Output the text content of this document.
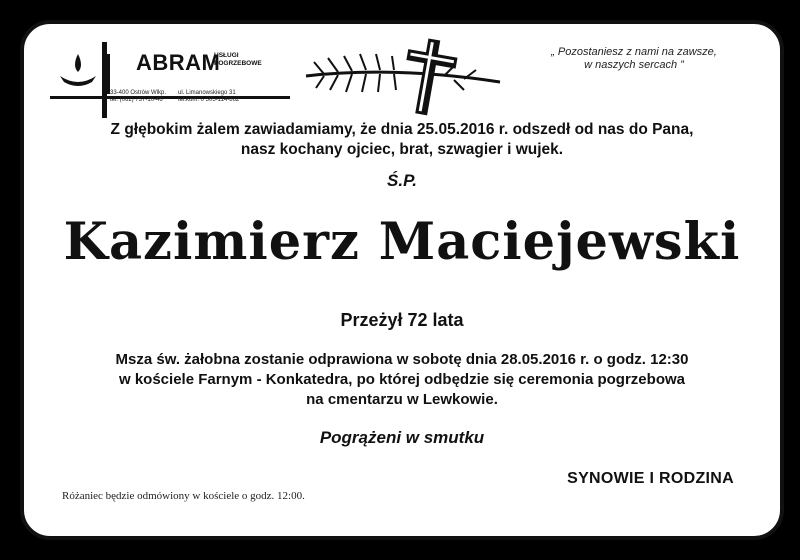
ABRAM
USŁUGI
POGRZEBOWE
33-400 Ostrów Wlkp.
tel. (062) 737-10-46
ul. Limanowskiego 31
tel.kom. 0 505-114-862
„ Pozostaniesz z nami na zawsze,
w naszych sercach ”
Z głębokim żalem zawiadamiamy, że dnia 25.05.2016 r. odszedł od nas do Pana,
nasz kochany ojciec, brat, szwagier i wujek.
Ś.P.
Kazimierz Maciejewski
Przeżył 72 lata
Msza św. żałobna zostanie odprawiona w sobotę dnia 28.05.2016 r. o godz. 12:30
w kościele Farnym - Konkatedra, po której odbędzie się ceremonia pogrzebowa
na cmentarzu w Lewkowie.
Pogrążeni w smutku
SYNOWIE I RODZINA
Różaniec będzie odmówiony w kościele o godz. 12:00.
